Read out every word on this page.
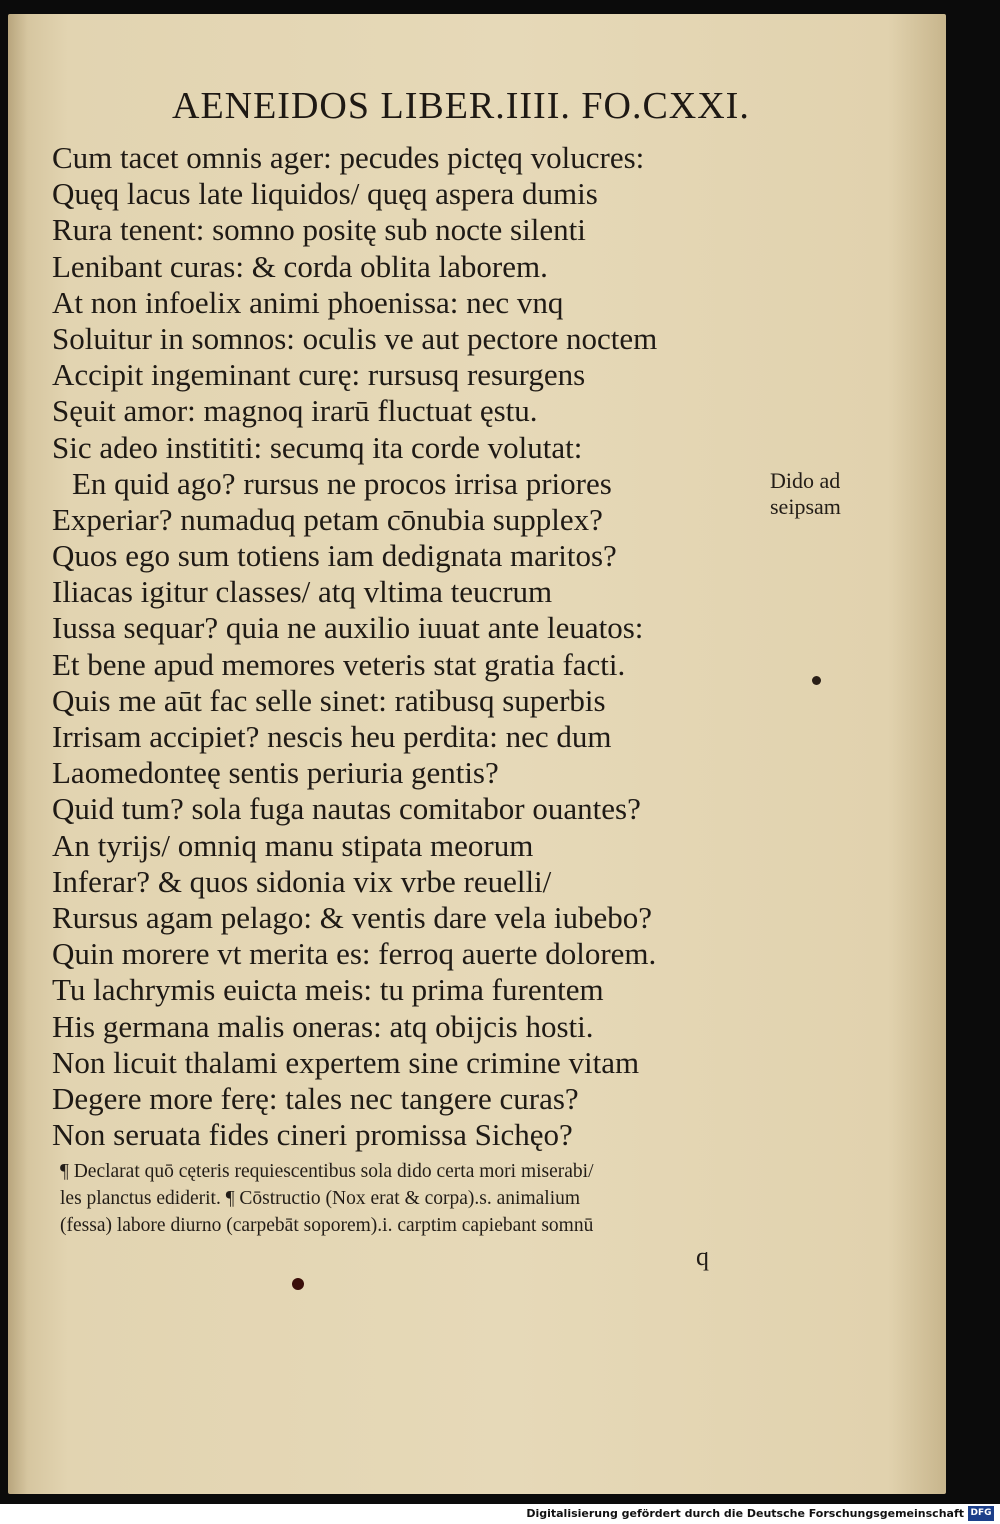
AENEIDOS LIBER.IIII. FO.CXXI.
Cum tacet omnis ager: pecudes pictęq volucres:
Quęq lacus late liquidos/ quęq aspera dumis
Rura tenent: somno positę sub nocte silenti
Lenibant curas: & corda oblita laborem.
At non infoelix animi phoenissa: nec vnq
Soluitur in somnos: oculis ve aut pectore noctem
Accipit ingeminant curę: rursusq resurgens
Sęuit amor: magnoq irarū fluctuat ęstu.
Sic adeo instititi: secumq ita corde volutat:
En quid ago? rursus ne procos irrisa priores
Experiar? numaduq petam cōnubia supplex?
Quos ego sum totiens iam dedignata maritos?
Iliacas igitur classes/ atq vltima teucrum
Iussa sequar? quia ne auxilio iuuat ante leuatos:
Et bene apud memores veteris stat gratia facti.
Quis me aūt fac selle sinet: ratibusq superbis
Irrisam accipiet? nescis heu perdita: nec dum
Laomedonteę sentis periuria gentis?
Quid tum? sola fuga nautas comitabor ouantes?
An tyrijs/ omniq manu stipata meorum
Inferar? & quos sidonia vix vrbe reuelli/
Rursus agam pelago: & ventis dare vela iubebo?
Quin morere vt merita es: ferroq auerte dolorem.
Tu lachrymis euicta meis: tu prima furentem
His germana malis oneras: atq obijcis hosti.
Non licuit thalami expertem sine crimine vitam
Degere more ferę: tales nec tangere curas?
Non seruata fides cineri promissa Sichęo?
Dido ad
seipsam
¶ Declarat quō cęteris requiescentibus sola dido certa mori miserabi/
les planctus ediderit. ¶ Cōstructio (Nox erat & corpa).s. animalium
(fessa) labore diurno (carpebāt soporem).i. carptim capiebant somnū
q
Digitalisierung gefördert durch die Deutsche Forschungsgemeinschaft DFG
